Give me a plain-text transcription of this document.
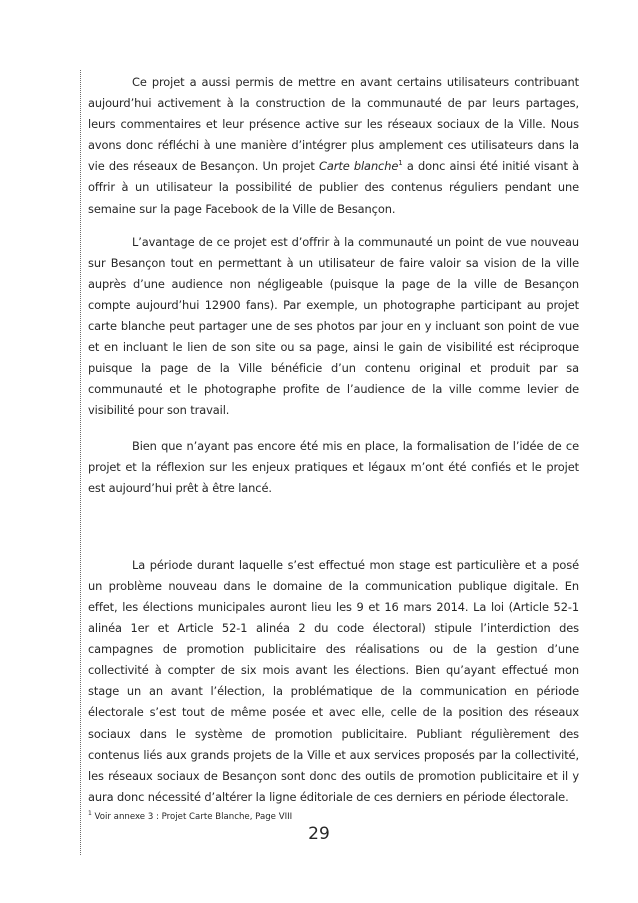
Ce projet a aussi permis de mettre en avant certains utilisateurs contribuant aujourd’hui activement à la construction de la communauté de par leurs partages, leurs commentaires et leur présence active sur les réseaux sociaux de la Ville. Nous avons donc réfléchi à une manière d’intégrer plus amplement ces utilisateurs dans la vie des réseaux de Besançon. Un projet Carte blanche$^1$ a donc ainsi été initié visant à offrir à un utilisateur la possibilité de publier des contenus réguliers pendant une semaine sur la page Facebook de la Ville de Besançon.

L’avantage de ce projet est d’offrir à la communauté un point de vue nouveau sur Besançon tout en permettant à un utilisateur de faire valoir sa vision de la ville auprès d’une audience non négligeable (puisque la page de la ville de Besançon compte aujourd’hui 12900 fans). Par exemple, un photographe participant au projet carte blanche peut partager une de ses photos par jour en y incluant son point de vue et en incluant le lien de son site ou sa page, ainsi le gain de visibilité est réciproque puisque la page de la Ville bénéficie d’un contenu original et produit par sa communauté et le photographe profite de l’audience de la ville comme levier de visibilité pour son travail.

Bien que n’ayant pas encore été mis en place, la formalisation de l’idée de ce projet et la réflexion sur les enjeux pratiques et légaux m’ont été confiés et le projet est aujourd’hui prêt à être lancé.

La période durant laquelle s’est effectué mon stage est particulière et a posé un problème nouveau dans le domaine de la communication publique digitale. En effet, les élections municipales auront lieu les 9 et 16 mars 2014. La loi (Article 52-1 alinéa 1er et Article 52-1 alinéa 2 du code électoral) stipule l’interdiction des campagnes de promotion publicitaire des réalisations ou de la gestion d’une collectivité à compter de six mois avant les élections. Bien qu’ayant effectué mon stage un an avant l’élection, la problématique de la communication en période électorale s’est tout de même posée et avec elle, celle de la position des réseaux sociaux dans le système de promotion publicitaire. Publiant régulièrement des contenus liés aux grands projets de la Ville et aux services proposés par la collectivité, les réseaux sociaux de Besançon sont donc des outils de promotion publicitaire et il y aura donc nécessité d’altérer la ligne éditoriale de ces derniers en période électorale.

$^1$ Voir annexe 3 : Projet Carte Blanche, Page VIII
29
